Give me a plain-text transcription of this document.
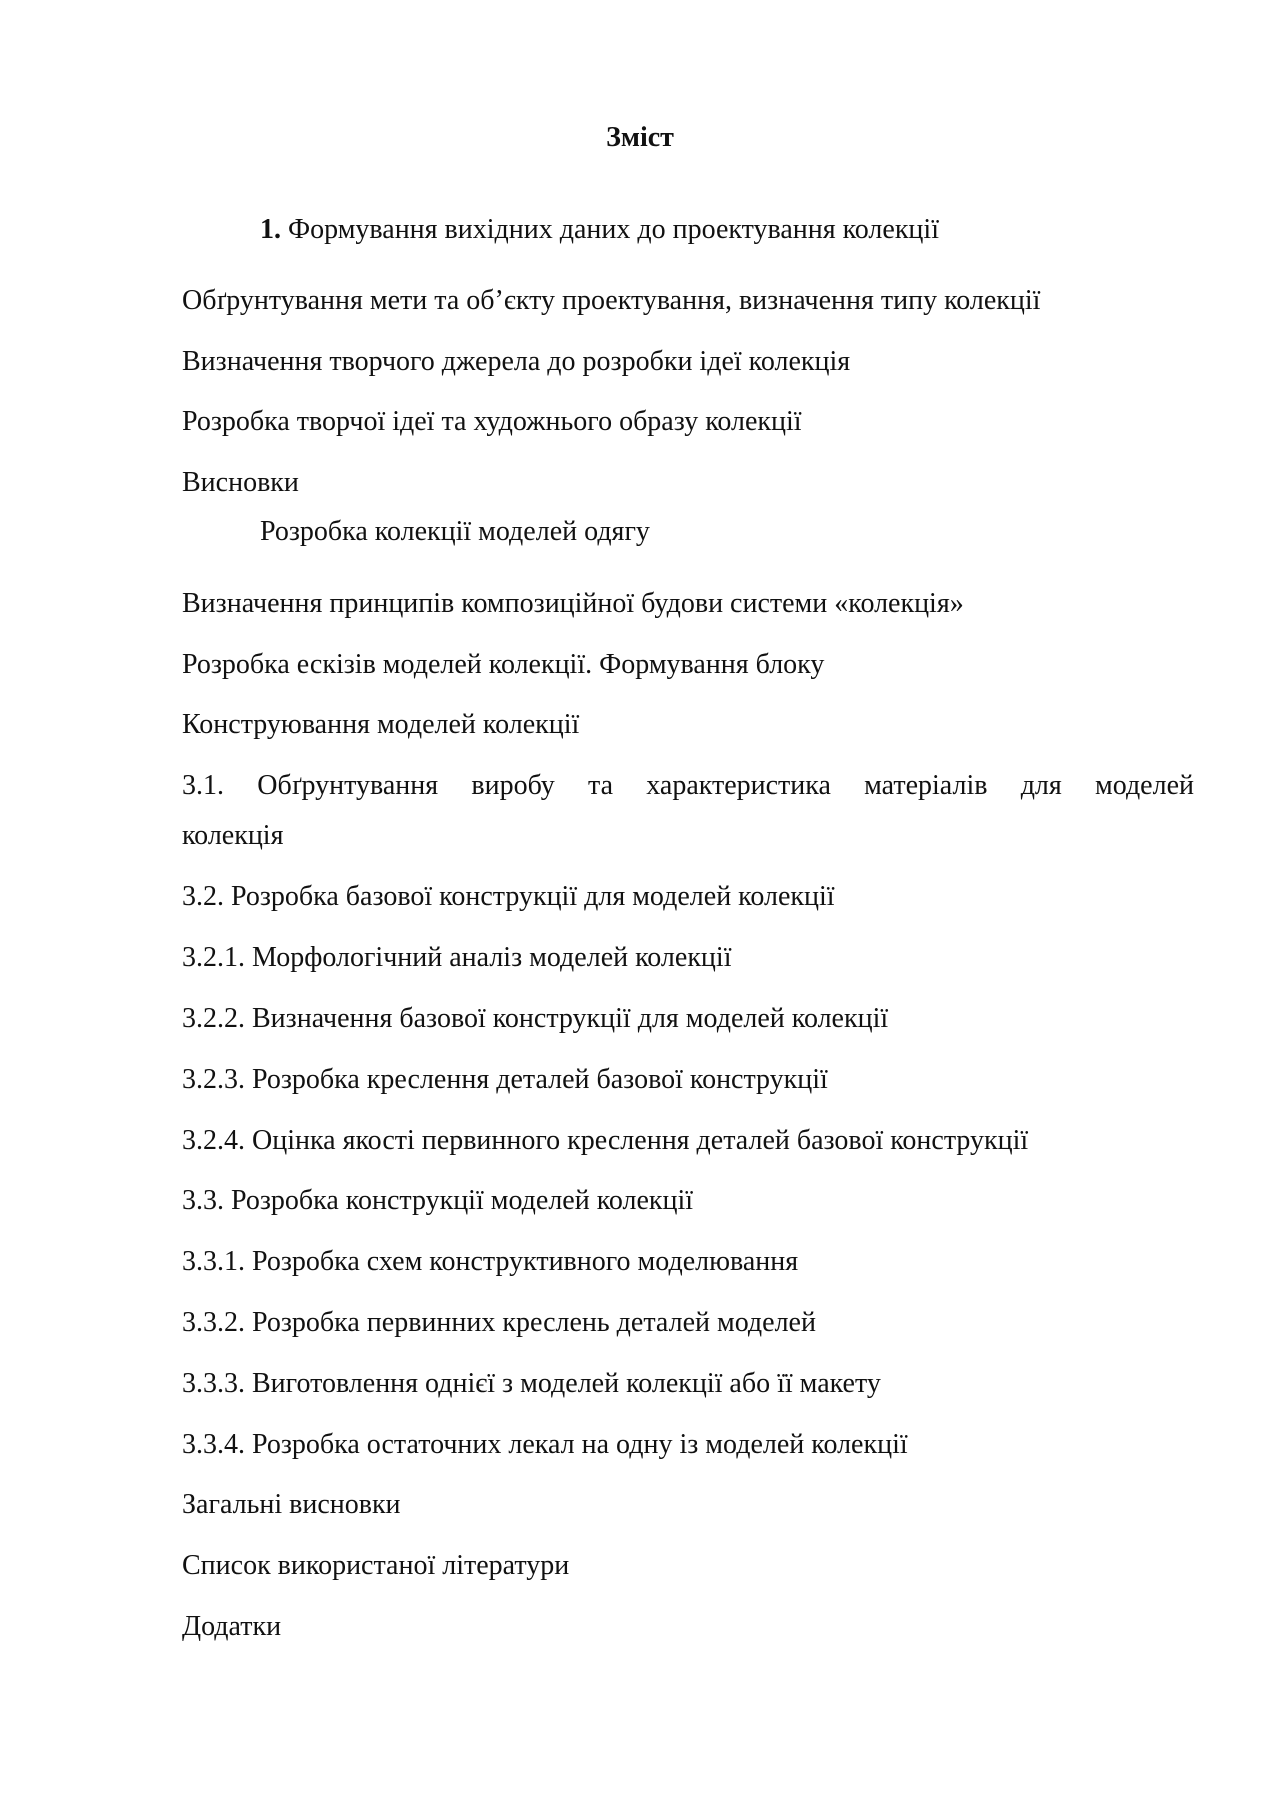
Зміст
1. Формування вихідних даних до проектування колекції
Обґрунтування мети та об’єкту проектування, визначення типу колекції
Визначення творчого джерела до розробки ідеї колекція
Розробка творчої ідеї та художнього образу колекції
Висновки
Розробка колекції моделей одягу
Визначення принципів композиційної будови системи «колекція»
Розробка ескізів моделей колекції. Формування блоку
Конструювання моделей колекції
3.1. Обґрунтування виробу та характеристика матеріалів для моделей
колекція
3.2. Розробка базової конструкції для моделей колекції
3.2.1. Морфологічний аналіз моделей колекції
3.2.2. Визначення базової конструкції для моделей колекції
3.2.3. Розробка креслення деталей базової конструкції
3.2.4. Оцінка якості первинного креслення деталей базової конструкції
3.3. Розробка конструкції моделей колекції
3.3.1. Розробка схем конструктивного моделювання
3.3.2. Розробка первинних креслень деталей моделей
3.3.3. Виготовлення однієї з моделей колекції або її макету
3.3.4. Розробка остаточних лекал на одну із моделей колекції
Загальні висновки
Список використаної літератури
Додатки
